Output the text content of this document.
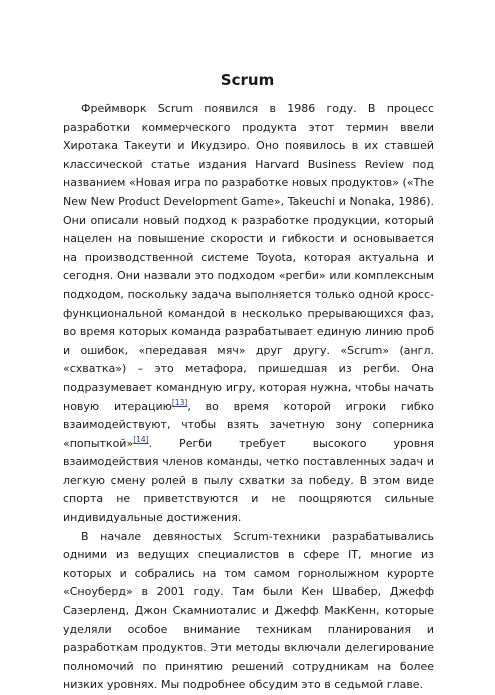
Scrum

Фреймворк Scrum появился в 1986 году. В процесс разработки коммерческого продукта этот термин ввели Хиротака Такеути и Икудзиро. Оно появилось в их ставшей классической статье издания Harvard Business Review под названием «Новая игра по разработке новых продуктов» («The New New Product Development Game», Takeuchi и Nonaka, 1986). Они описали новый подход к разработке продукции, который нацелен на повышение скорости и гибкости и основывается на производственной системе Toyota, которая актуальна и сегодня. Они назвали это подходом «регби» или комплексным подходом, поскольку задача выполняется только одной кросс-функциональной командой в несколько прерывающихся фаз, во время которых команда разрабатывает единую линию проб и ошибок, «передавая мяч» друг другу. «Scrum» (англ. «схватка») – это метафора, пришедшая из регби. Она подразумевает командную игру, которая нужна, чтобы начать новую итерацию[13], во время которой игроки гибко взаимодействуют, чтобы взять зачетную зону соперника «попыткой»[14]. Регби требует высокого уровня взаимодействия членов команды, четко поставленных задач и легкую смену ролей в пылу схватки за победу. В этом виде спорта не приветствуются и не поощряются сильные индивидуальные достижения.

В начале девяностых Scrum-техники разрабатывались одними из ведущих специалистов в сфере IT, многие из которых и собрались на том самом горнолыжном курорте «Сноуберд» в 2001 году. Там были Кен Швабер, Джефф Сазерленд, Джон Скамниоталис и Джефф МакКенн, которые уделяли особое внимание техникам планирования и разработкам продуктов. Эти методы включали делегирование полномочий по принятию решений сотрудникам на более низких уровнях. Мы подробнее обсудим это в седьмой главе.
